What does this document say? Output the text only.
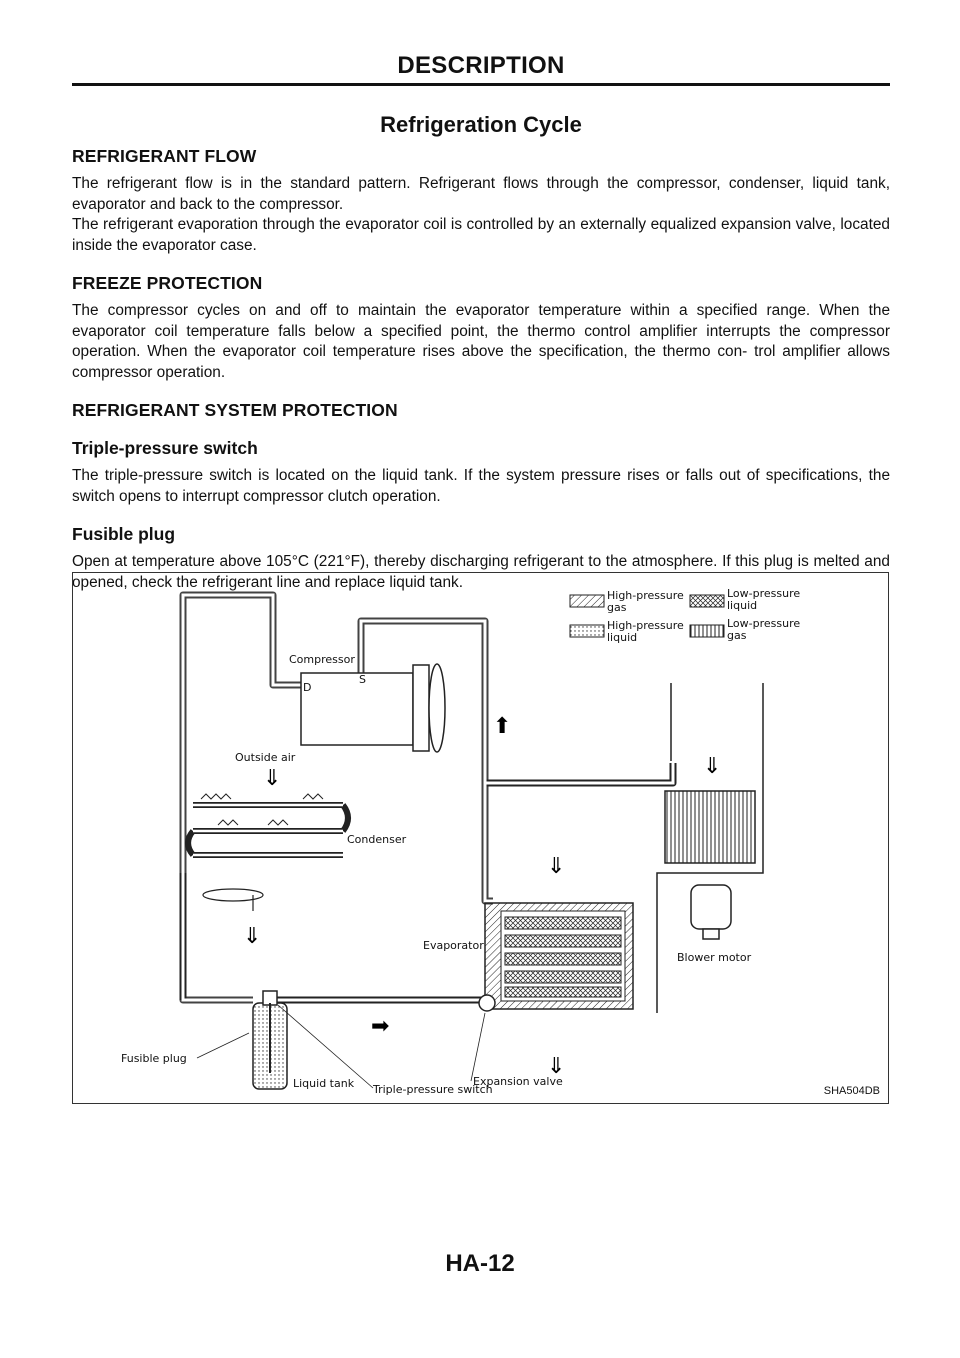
DESCRIPTION
Refrigeration Cycle
REFRIGERANT FLOW

The refrigerant flow is in the standard pattern. Refrigerant flows through the compressor, condenser, liquid tank, evaporator and back to the compressor.

The refrigerant evaporation through the evaporator coil is controlled by an externally equalized expansion valve, located inside the evaporator case.

FREEZE PROTECTION

The compressor cycles on and off to maintain the evaporator temperature within a specified range. When the evaporator coil temperature falls below a specified point, the thermo control amplifier interrupts the compressor operation. When the evaporator coil temperature rises above the specification, the thermo con- trol amplifier allows compressor operation.

REFRIGERANT SYSTEM PROTECTION
Triple-pressure switch

The triple-pressure switch is located on the liquid tank. If the system pressure rises or falls out of specifications, the switch opens to interrupt compressor clutch operation.

Fusible plug

Open at temperature above 105°C (221°F), thereby discharging refrigerant to the atmosphere. If this plug is melted and opened, check the refrigerant line and replace liquid tank.

High-pressure
gas
Low-pressure
liquid
High-pressure
liquid
Low-pressure
gas
Compressor
D
S
Outside air
⇓
Condenser
⇓
Liquid tank
Fusible plug
Triple-pressure switch
⬆
➡
Evaporator
⇓
⇓
Expansion valve
Blower motor
⇓
SHA504DB
HA-12
